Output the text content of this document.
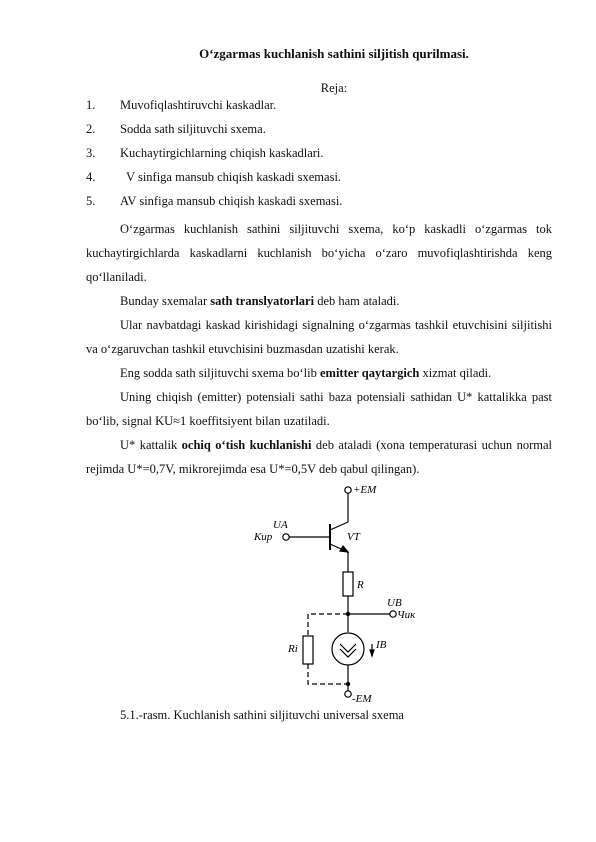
O‘zgarmas kuchlanish sathini siljitish qurilmasi.
Reja:
1.	Muvofiqlashtiruvchi kaskadlar.
2.	Sodda sath siljituvchi sxema.
3.	Kuchaytirgichlarning chiqish kaskadlari.
4.	V sinfiga mansub chiqish kaskadi sxemasi.
5.	AV sinfiga mansub chiqish kaskadi sxemasi.

O‘zgarmas kuchlanish sathini siljituvchi sxema, ko‘p kaskadli o‘zgarmas tok kuchaytirgichlarda kaskadlarni kuchlanish bo‘yicha o‘zaro muvofiqlashtirishda keng qo‘llaniladi.

Bunday sxemalar sath translyatorlari deb ham ataladi.

Ular navbatdagi kaskad kirishidagi signalning o‘zgarmas tashkil etuvchisini siljitishi va o‘zgaruvchan tashkil etuvchisini buzmasdan uzatishi kerak.

Eng sodda sath siljituvchi sxema bo‘lib emitter qaytargich xizmat qiladi.

Uning chiqish (emitter) potensiali sathi baza potensiali sathidan U* kattalikka past bo‘lib, signal KU≈1 koeffitsiyent bilan uzatiladi.

U* kattalik ochiq o‘tish kuchlanishi deb ataladi (xona temperaturasi uchun normal rejimda U*=0,7V, mikrorejimda esa U*=0,5V deb qabul qilingan).

+EM
UA
Кир	VT
R
UB
Чик
Ri	IB
-EM
5.1.-rasm. Kuchlanish sathini siljituvchi universal sxema
